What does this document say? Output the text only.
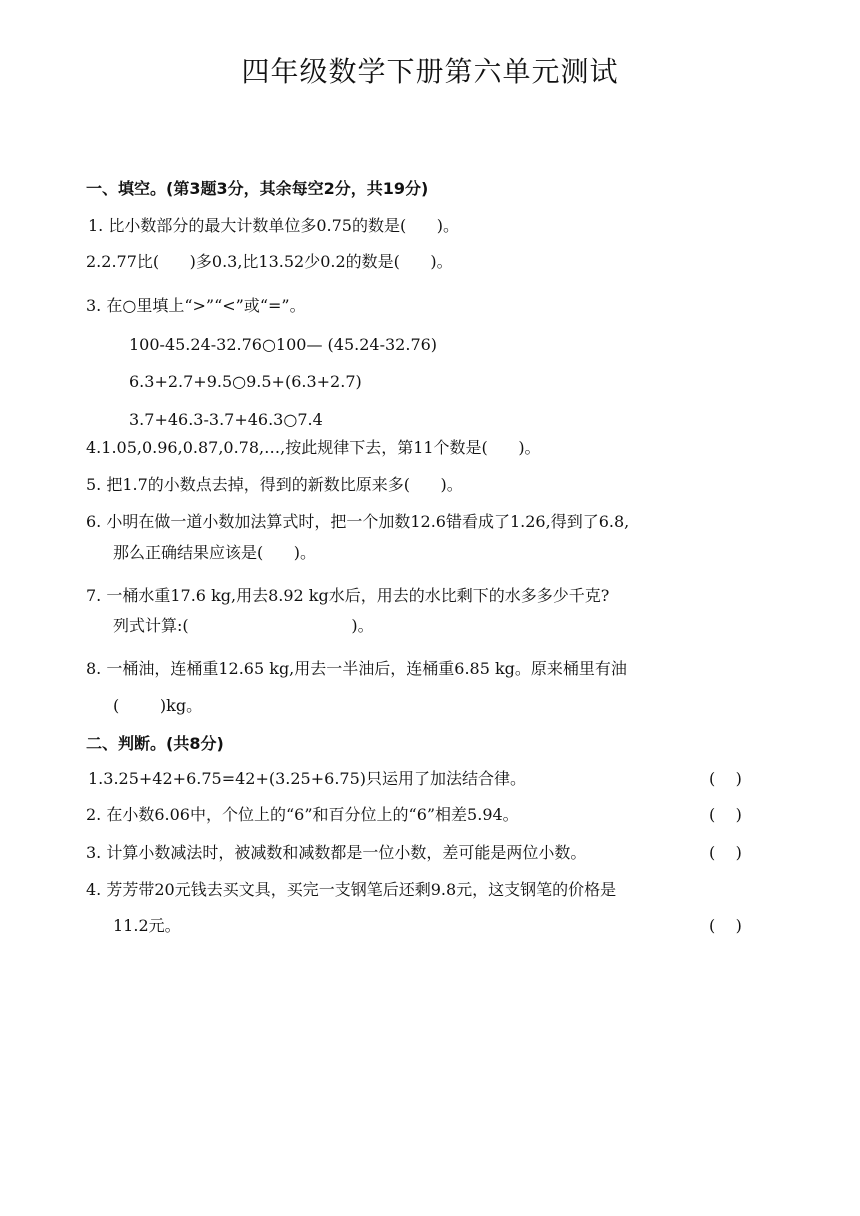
四年级数学下册第六单元测试
一、填空。(第3题3分，其余每空2分，共19分)
1. 比小数部分的最大计数单位多0.75的数是(      )。
2.2.77比(      )多0.3,比13.52少0.2的数是(      )。
3. 在○里填上“>”“<”或“=”。
100-45.24-32.76○100— (45.24-32.76)
6.3+2.7+9.5○9.5+(6.3+2.7)
3.7+46.3-3.7+46.3○7.4
4.1.05,0.96,0.87,0.78,…,按此规律下去，第11个数是(      )。
5. 把1.7的小数点去掉，得到的新数比原来多(      )。
6. 小明在做一道小数加法算式时，把一个加数12.6错看成了1.26,得到了6.8,
那么正确结果应该是(      )。
7. 一桶水重17.6 kg,用去8.92 kg水后，用去的水比剩下的水多多少千克?
列式计算:(                                )。
8. 一桶油，连桶重12.65 kg,用去一半油后，连桶重6.85 kg。原来桶里有油
(        )kg。
二、判断。(共8分)
1.3.25+42+6.75=42+(3.25+6.75)只运用了加法结合律。	(    )
2. 在小数6.06中，个位上的“6”和百分位上的“6”相差5.94。	(    )
3. 计算小数减法时，被减数和减数都是一位小数，差可能是两位小数。	(    )
4. 芳芳带20元钱去买文具，买完一支钢笔后还剩9.8元，这支钢笔的价格是
11.2元。	(    )
